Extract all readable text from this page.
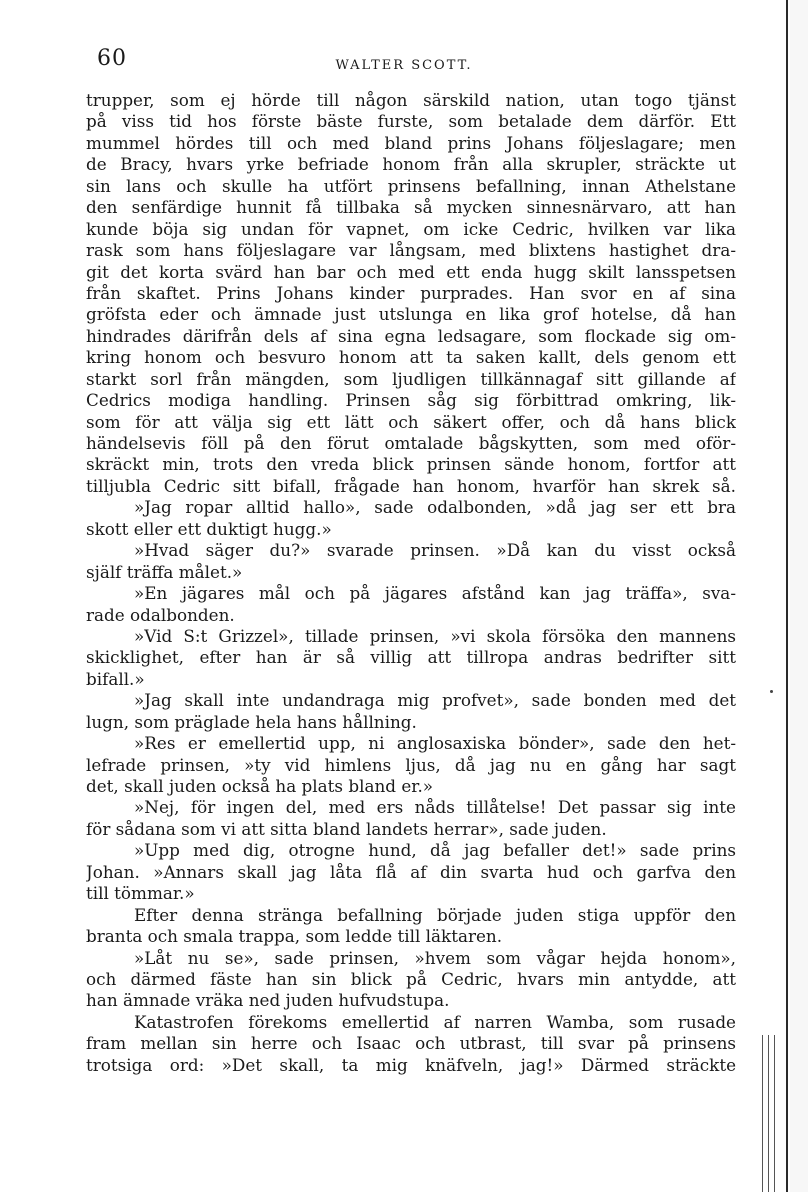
60	WALTER SCOTT.
trupper, som ej hörde till någon särskild nation, utan togo tjänst
på viss tid hos förste bäste furste, som betalade dem därför. Ett
mummel hördes till och med bland prins Johans följeslagare; men
de Bracy, hvars yrke befriade honom från alla skrupler, sträckte ut
sin lans och skulle ha utfört prinsens befallning, innan Athelstane
den senfärdige hunnit få tillbaka så mycken sinnesnärvaro, att han
kunde böja sig undan för vapnet, om icke Cedric, hvilken var lika
rask som hans följeslagare var långsam, med blixtens hastighet dra-
git det korta svärd han bar och med ett enda hugg skilt lansspetsen
från skaftet. Prins Johans kinder purprades. Han svor en af sina
gröfsta eder och ämnade just utslunga en lika grof hotelse, då han
hindrades därifrån dels af sina egna ledsagare, som flockade sig om-
kring honom och besvuro honom att ta saken kallt, dels genom ett
starkt sorl från mängden, som ljudligen tillkännagaf sitt gillande af
Cedrics modiga handling. Prinsen såg sig förbittrad omkring, lik-
som för att välja sig ett lätt och säkert offer, och då hans blick
händelsevis föll på den förut omtalade bågskytten, som med oför-
skräckt min, trots den vreda blick prinsen sände honom, fortfor att
tilljubla Cedric sitt bifall, frågade han honom, hvarför han skrek så.
»Jag ropar alltid hallo», sade odalbonden, »då jag ser ett bra
skott eller ett duktigt hugg.»
»Hvad säger du?» svarade prinsen. »Då kan du visst också
själf träffa målet.»
»En jägares mål och på jägares afstånd kan jag träffa», sva-
rade odalbonden.
»Vid S:t Grizzel», tillade prinsen, »vi skola försöka den mannens
skicklighet, efter han är så villig att tillropa andras bedrifter sitt
bifall.»
»Jag skall inte undandraga mig profvet», sade bonden med det
lugn, som präglade hela hans hållning.
»Res er emellertid upp, ni anglosaxiska bönder», sade den het-
lefrade prinsen, »ty vid himlens ljus, då jag nu en gång har sagt
det, skall juden också ha plats bland er.»
»Nej, för ingen del, med ers nåds tillåtelse! Det passar sig inte
för sådana som vi att sitta bland landets herrar», sade juden.
»Upp med dig, otrogne hund, då jag befaller det!» sade prins
Johan. »Annars skall jag låta flå af din svarta hud och garfva den
till tömmar.»
Efter denna stränga befallning började juden stiga uppför den
branta och smala trappa, som ledde till läktaren.
»Låt nu se», sade prinsen, »hvem som vågar hejda honom»,
och därmed fäste han sin blick på Cedric, hvars min antydde, att
han ämnade vräka ned juden hufvudstupa.
Katastrofen förekoms emellertid af narren Wamba, som rusade
fram mellan sin herre och Isaac och utbrast, till svar på prinsens
trotsiga ord: »Det skall, ta mig knäfveln, jag!» Därmed sträckte
